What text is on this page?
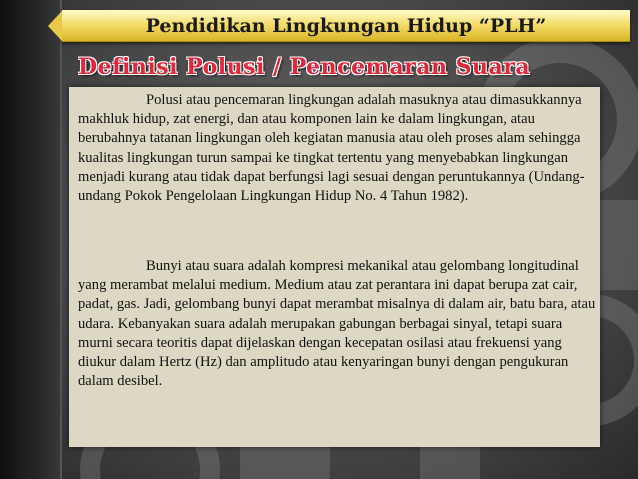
Pendidikan Lingkungan Hidup “PLH”
Definisi Polusi / Pencemaran Suara

Polusi atau pencemaran lingkungan adalah masuknya atau dimasukkannya makhluk hidup, zat energi, dan atau komponen lain ke dalam lingkungan, atau berubahnya tatanan lingkungan oleh kegiatan manusia atau oleh proses alam sehingga kualitas lingkungan turun sampai ke tingkat tertentu yang menyebabkan lingkungan menjadi kurang atau tidak dapat berfungsi lagi sesuai dengan peruntukannya (Undang-undang Pokok Pengelolaan Lingkungan Hidup No. 4 Tahun 1982).

Bunyi atau suara adalah kompresi mekanikal atau gelombang longitudinal yang merambat melalui medium. Medium atau zat perantara ini dapat berupa zat cair, padat, gas. Jadi, gelombang bunyi dapat merambat misalnya di dalam air, batu bara, atau udara. Kebanyakan suara adalah merupakan gabungan berbagai sinyal, tetapi suara murni secara teoritis dapat dijelaskan dengan kecepatan osilasi atau frekuensi yang diukur dalam Hertz (Hz) dan amplitudo atau kenyaringan bunyi dengan pengukuran dalam desibel.
